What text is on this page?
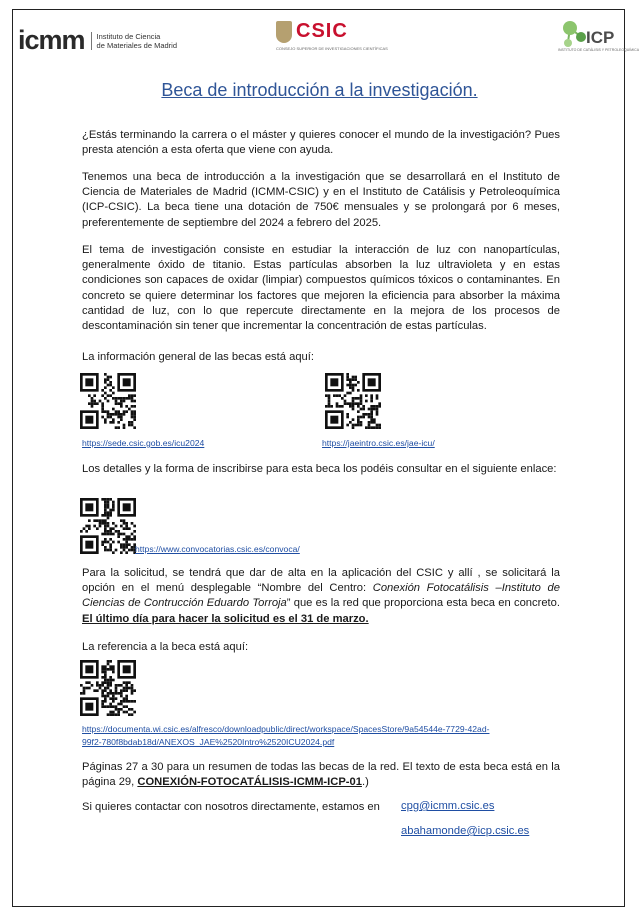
icmm Instituto de Ciencia
de Materiales de Madrid
CSIC
CONSEJO SUPERIOR DE INVESTIGACIONES CIENTÍFICAS
ICP
INSTITUTO DE CATÁLISIS Y PETROLEOQUÍMICA
Beca de introducción a la investigación.
¿Estás terminando la carrera o el máster y quieres conocer el mundo de la investigación? Pues presta atención a esta oferta que viene con ayuda.
Tenemos una beca de introducción a la investigación que se desarrollará en el Instituto de Ciencia de Materiales de Madrid (ICMM-CSIC) y en el Instituto de Catálisis y Petroleoquímica (ICP-CSIC). La beca tiene una dotación de 750€ mensuales y se prolongará por 6 meses, preferentemente de septiembre del 2024 a febrero del 2025.
El tema de investigación consiste en estudiar la interacción de luz con nanopartículas, generalmente óxido de titanio. Estas partículas absorben la luz ultravioleta y en estas condiciones son capaces de oxidar (limpiar) compuestos químicos tóxicos o contaminantes. En concreto se quiere determinar los factores que mejoren la eficiencia para absorber la máxima cantidad de luz, con lo que repercute directamente en la mejora de los procesos de descontaminación sin tener que incrementar la concentración de estas partículas.
La información general de las becas está aquí:
https://sede.csic.gob.es/icu2024	https://jaeintro.csic.es/jae-icu/
Los detalles y la forma de inscribirse para esta beca los podéis consultar en el siguiente enlace:
https://www.convocatorias.csic.es/convoca/
Para la solicitud, se tendrá que dar de alta en la aplicación del CSIC y allí , se solicitará la opción en el menú desplegable “Nombre del Centro: Conexión Fotocatálisis –Instituto de Ciencias de Contrucción Eduardo Torroja” que es la red que proporciona esta beca en concreto. El último día para hacer la solicitud es el 31 de marzo.
La referencia a la beca está aquí:
https://documenta.wi.csic.es/alfresco/downloadpublic/direct/workspace/SpacesStore/9a54544e-7729-42ad-
99f2-780f8bdab18d/ANEXOS_JAE%2520Intro%2520ICU2024.pdf
Páginas 27 a 30 para un resumen de todas las becas de la red. El texto de esta beca está en la página 29, CONEXIÓN-FOTOCATÁLISIS-ICMM-ICP-01.)
Si quieres contactar con nosotros directamente, estamos en	cpg@icmm.csic.es
abahamonde@icp.csic.es
